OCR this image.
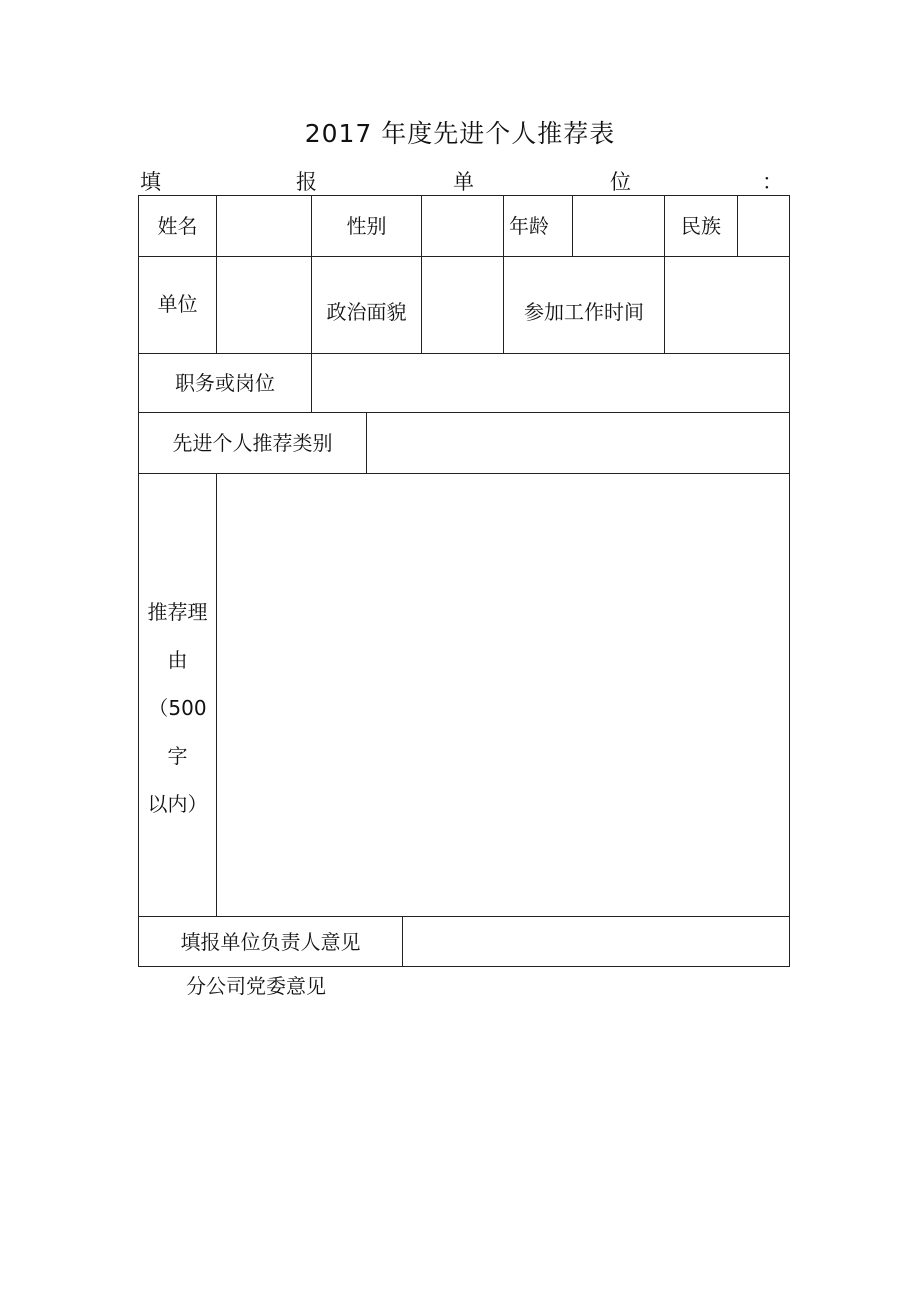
2017 年度先进个人推荐表
填	报	单	位	：
姓名	性别	年龄	民族
单位	政治面貌	参加工作时间
职务或岗位
先进个人推荐类别
推荐理
由
（500
字
以内）
填报单位负责人意见
分公司党委意见
